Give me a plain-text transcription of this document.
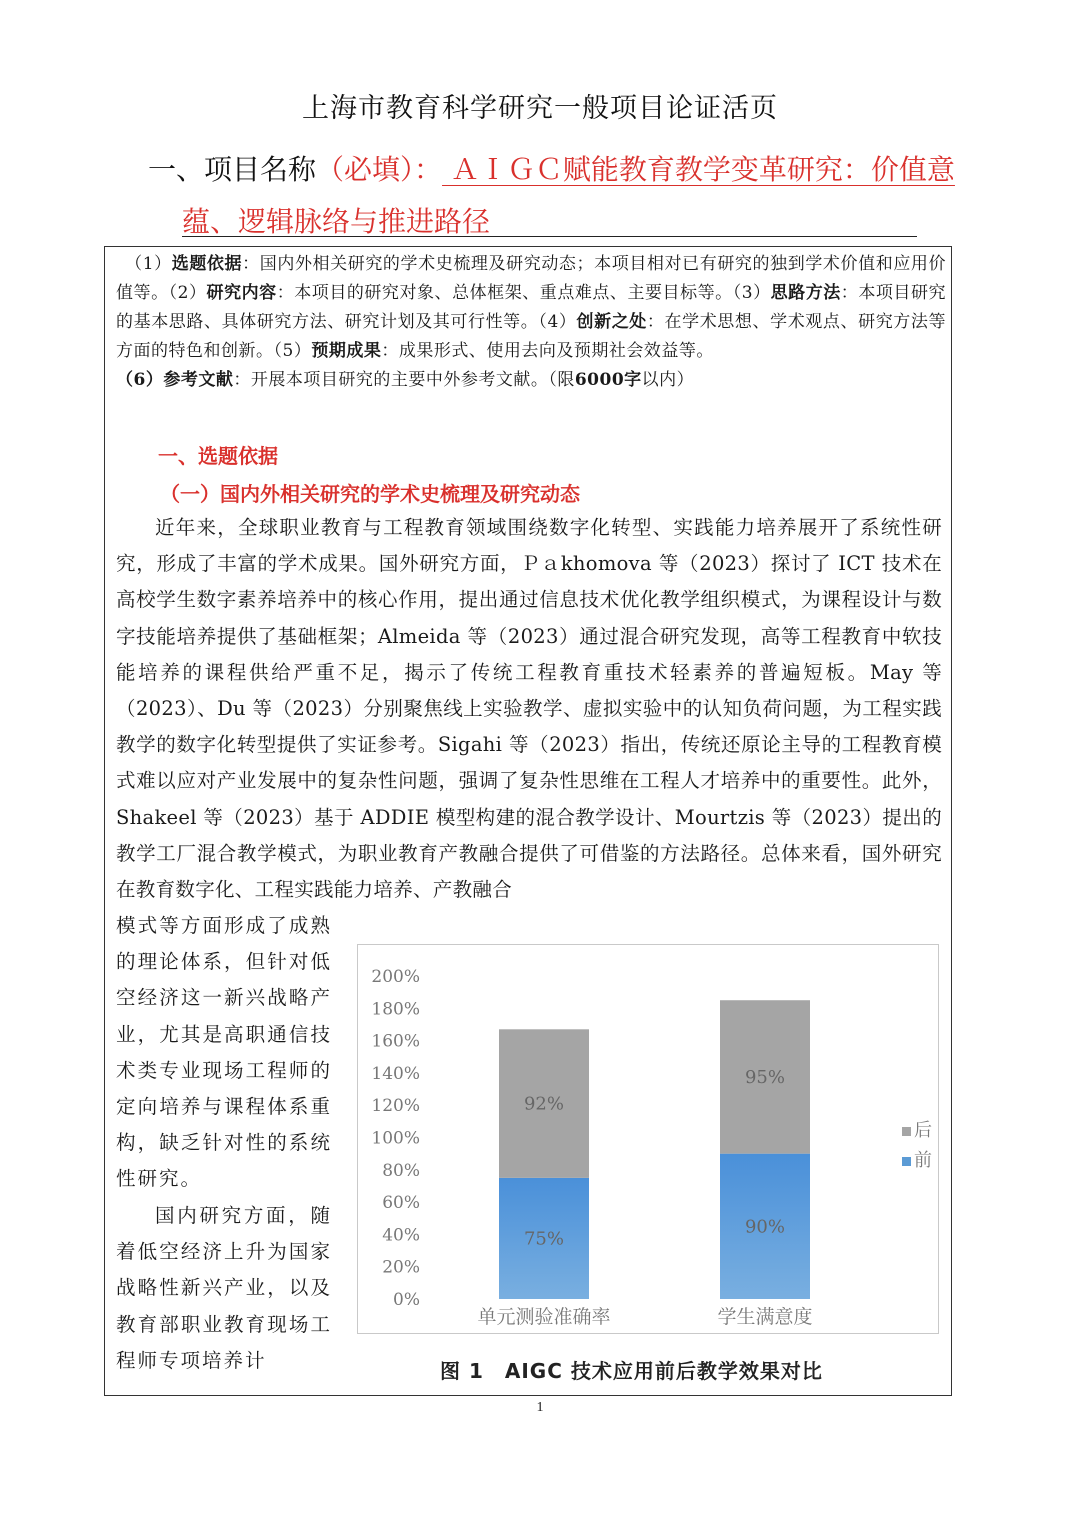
上海市教育科学研究一般项目论证活页
一、项目名称（必填）： ＡＩＧＣ赋能教育教学变革研究：价值意
蕴、逻辑脉络与推进路径
　（1）选题依据：国内外相关研究的学术史梳理及研究动态；本项目相对已有研究的独到学术价值和应用价值等。（2）研究内容：本项目的研究对象、总体框架、重点难点、主要目标等。（3）思路方法：本项目研究的基本思路、具体研究方法、研究计划及其可行性等。（4）创新之处：在学术思想、学术观点、研究方法等方面的特色和创新。（5）预期成果：成果形式、使用去向及预期社会效益等。
（6）参考文献：开展本项目研究的主要中外参考文献。（限6000字以内）
一、选题依据
（一）国内外相关研究的学术史梳理及研究动态
近年来，全球职业教育与工程教育领域围绕数字化转型、实践能力培养展开了系统性研究，形成了丰富的学术成果。国外研究方面，Ｐａkhomova 等（2023）探讨了 ICT 技术在高校学生数字素养培养中的核心作用，提出通过信息技术优化教学组织模式，为课程设计与数字技能培养提供了基础框架；Almeida 等（2023）通过混合研究发现，高等工程教育中软技能培养的课程供给严重不足，揭示了传统工程教育重技术轻素养的普遍短板。May 等（2023）、Du 等（2023）分别聚焦线上实验教学、虚拟实验中的认知负荷问题，为工程实践教学的数字化转型提供了实证参考。Sigahi 等（2023）指出，传统还原论主导的工程教育模式难以应对产业发展中的复杂性问题，强调了复杂性思维在工程人才培养中的重要性。此外，Shakeel 等（2023）基于 ADDIE 模型构建的混合教学设计、Mourtzis 等（2023）提出的教学工厂混合教学模式，为职业教育产教融合提供了可借鉴的方法路径。总体来看，国外研究在教育数字化、工程实践能力培养、产教融合
模式等方面形成了成熟的理论体系，但针对低空经济这一新兴战略产业，尤其是高职通信技术类专业现场工程师的定向培养与课程体系重构，缺乏针对性的系统性研究。
国内研究方面，随着低空经济上升为国家战略性新兴产业，以及教育部职业教育现场工程师专项培养计
0%
20%
40%
60%
80%
100%
120%
140%
160%
180%
200%
75%
92%
单元测验准确率
90%
95%
学生满意度
后
前
图 1　AIGC 技术应用前后教学效果对比
1
